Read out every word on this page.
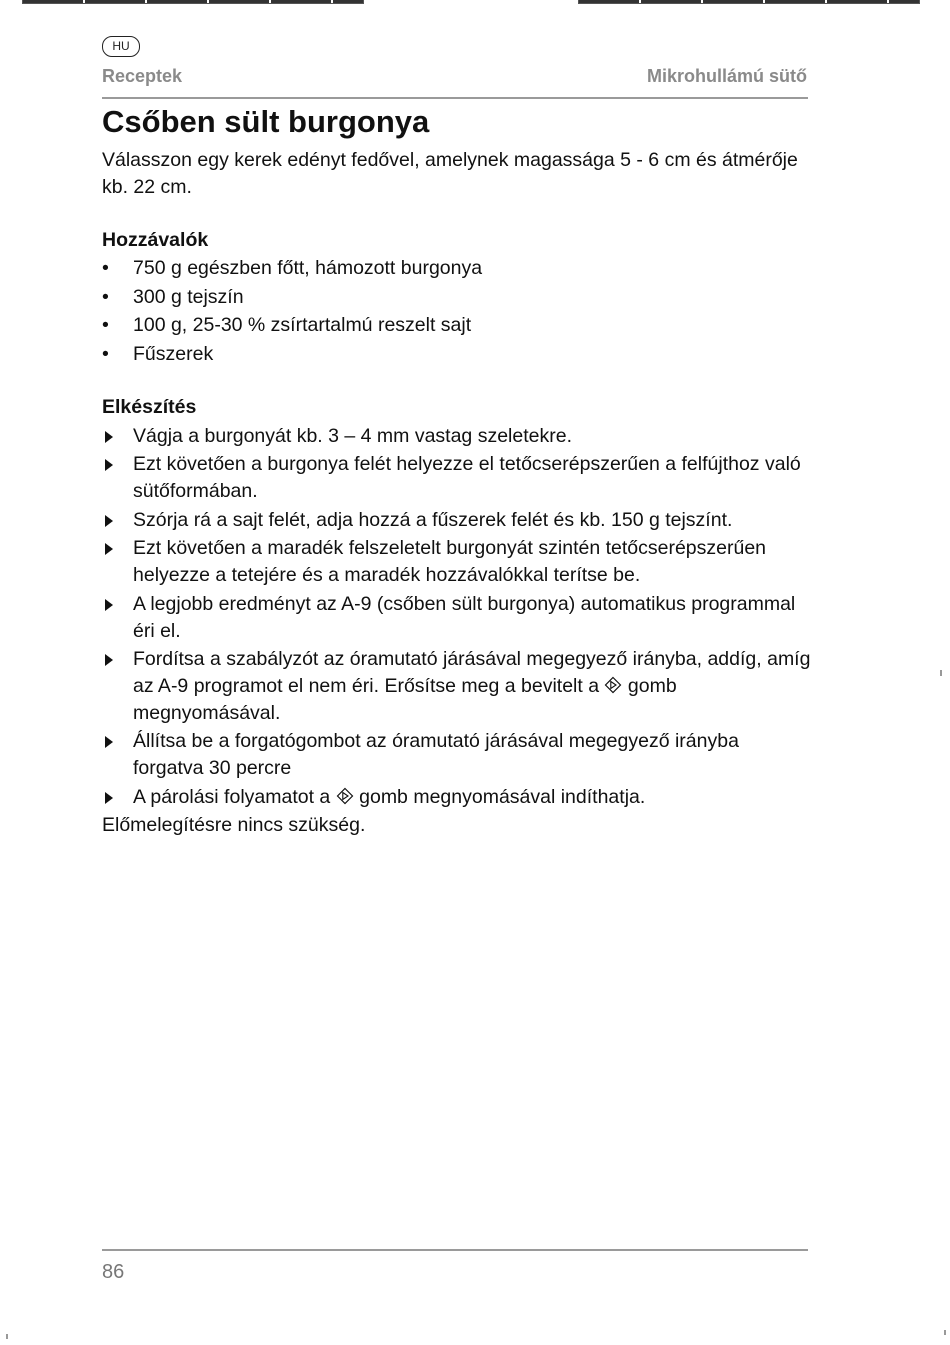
HU
Receptek	Mikrohullámú sütő
Csőben sült burgonya

Válasszon egy kerek edényt fedővel, amelynek magassága 5 - 6 cm és átmérője kb. 22 cm.

Hozzávalók
• 750 g egészben főtt, hámozott burgonya
• 300 g tejszín
• 100 g, 25-30 % zsírtartalmú reszelt sajt
• Fűszerek
Elkészítés
Vágja a burgonyát kb. 3 – 4 mm vastag szeletekre.
Ezt követően a burgonya felét helyezze el tetőcserépszerűen a felfújthoz való sütőformában.
Szórja rá a sajt felét, adja hozzá a fűszerek felét és kb. 150 g tejszínt.
Ezt követően a maradék felszeletelt burgonyát szintén tetőcserépszerűen helyezze a tetejére és a maradék hozzávalókkal terítse be.
A legjobb eredményt az A-9 (csőben sült burgonya) automatikus programmal éri el.
Fordítsa a szabályzót az óramutató járásával megegyező irányba, addíg, amíg az A-9 programot el nem éri. Erősítse meg a bevitelt a gomb megnyomásával.
Állítsa be a forgatógombot az óramutató járásával megegyező irányba forgatva 30 percre
A párolási folyamatot a gomb megnyomásával indíthatja.

Előmelegítésre nincs szükség.

86
